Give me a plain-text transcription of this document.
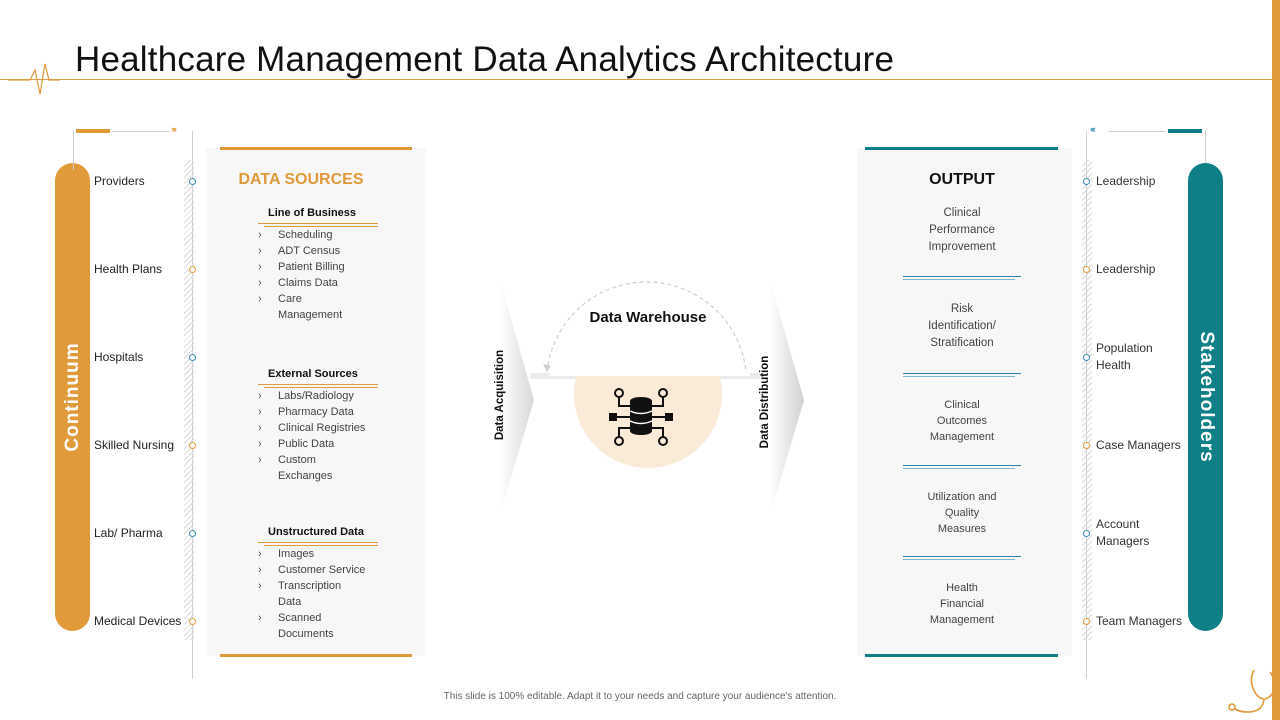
Healthcare Management Data Analytics Architecture
Continuum
››››
Providers
Health Plans
Hospitals
Skilled Nursing
Lab/ Pharma
Medical Devices
DATA SOURCES
Line of Business
› Scheduling
› ADT Census
› Patient Billing
› Claims Data
› Care
Management
External Sources
› Labs/Radiology
› Pharmacy Data
› Clinical Registries
› Public Data
› Custom
Exchanges
Unstructured Data
› Images
› Customer Service
› Transcription
Data
› Scanned
Documents
Data Acquisition	Data Distribution
Data Warehouse
OUTPUT
Clinical
Performance
Improvement
Risk
Identification/
Stratification
Clinical
Outcomes
Management
Utilization and
Quality
Measures
Health
Financial
Management
‹‹‹‹
Stakeholders
Leadership
Leadership
Population
Health
Case Managers
Account
Managers
Team Managers
This slide is 100% editable. Adapt it to your needs and capture your audience's attention.
